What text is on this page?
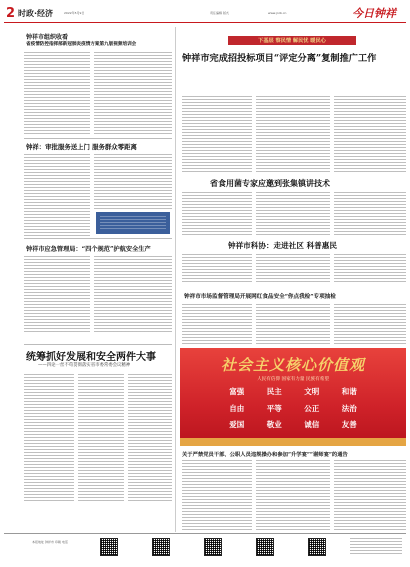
2 时政·经济	2022年5月9日	责任编辑 版式	www.jnrb.cn	今日钟祥
钟祥市组织收看
省疫情防控指挥部新冠肺炎疫情方案第九版视频培训会
钟祥：审批服务送上门 服务群众零距离
钟祥市应急管理局：“四个规范”护航安全生产
统筹抓好发展和安全两件大事
——四论一丝不苟贯彻落实省市委常委会议精神
下基层 察民情 解民忧 暖民心
钟祥市完成招投标项目“评定分离”复制推广工作
省食用菌专家应邀到张集镇讲技术
钟祥市科协：走进社区 科普惠民
钟祥市市场监督管理局开展网红食品安全“你点我检”专项抽检
社会主义核心价值观
人民有信仰 国家有力量 民族有希望
富强	民主	文明	和谐
自由	平等	公正	法治
爱国	敬业	诚信	友善
关于严禁党员干部、公职人员违规操办和参加“升学宴”“谢师宴”的通告
本报地址 钟祥市 印刷 电话
